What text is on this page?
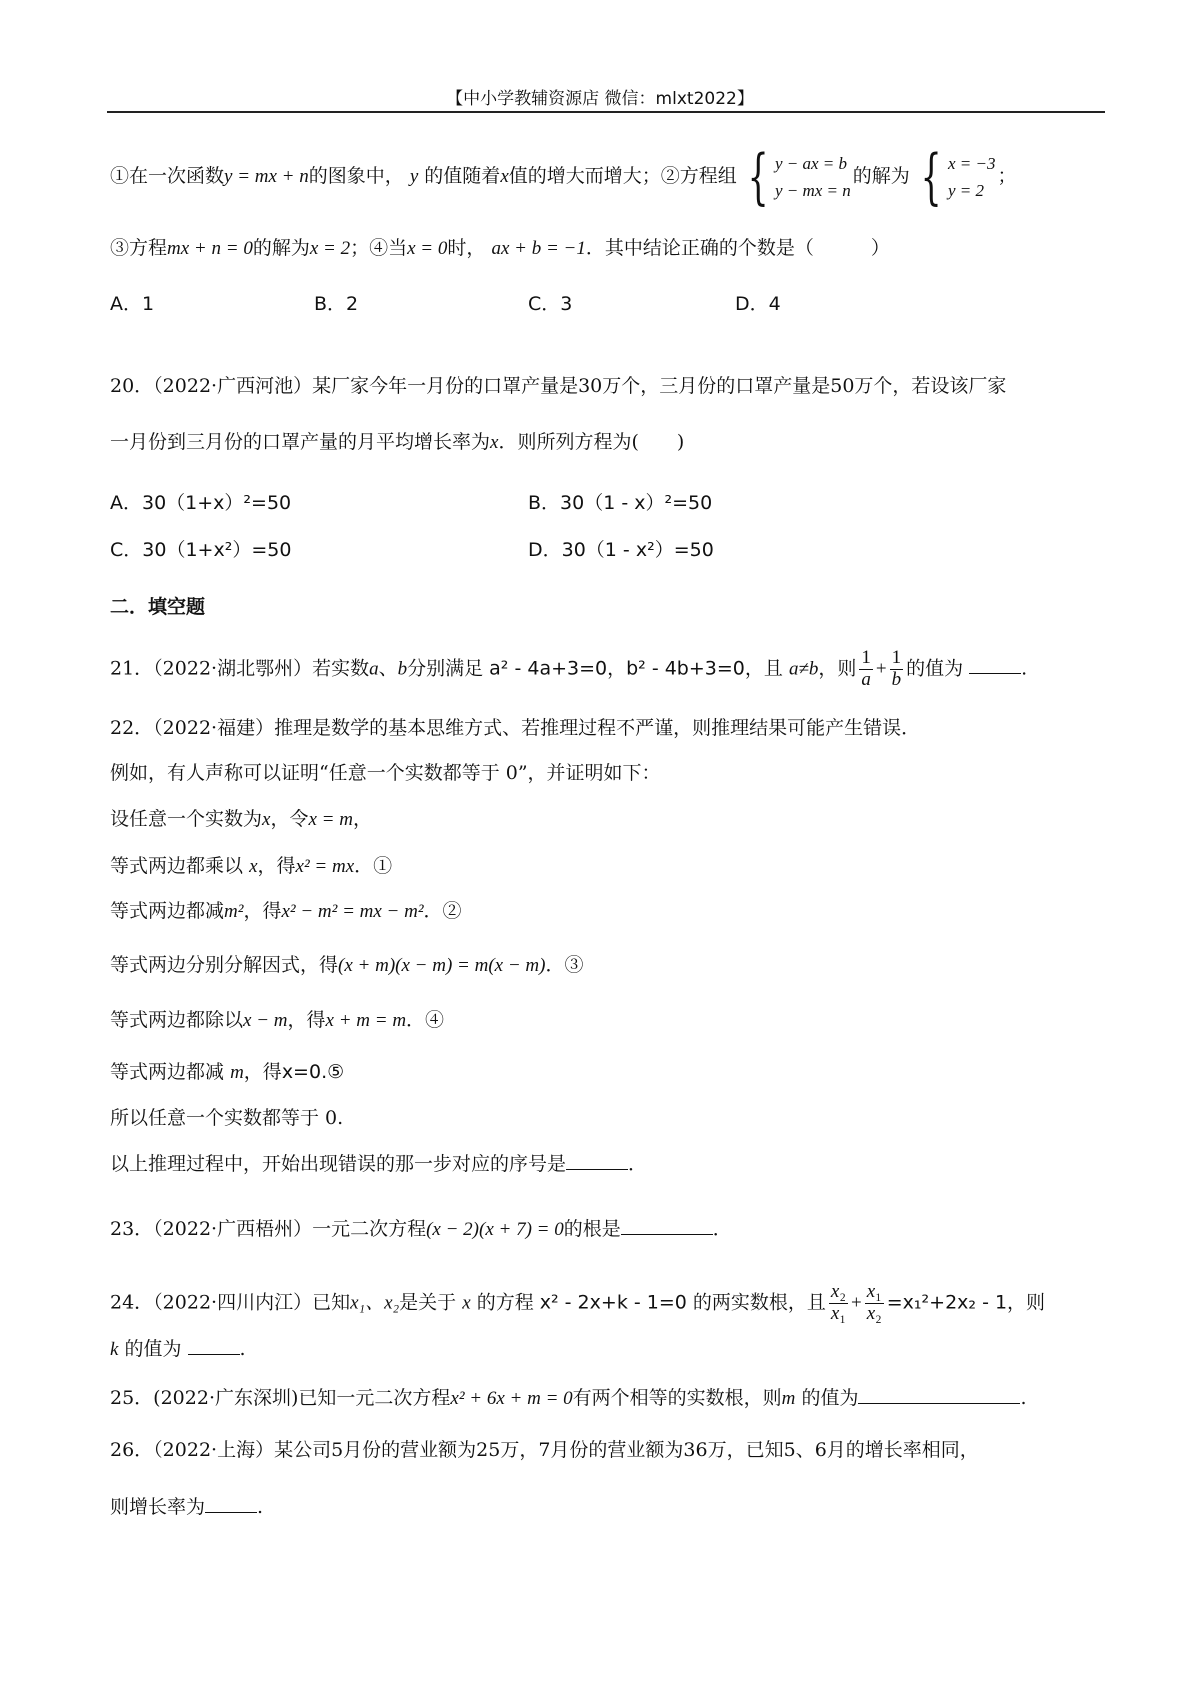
【中小学教辅资源店 微信：mlxt2022】
①在一次函数y = mx + n的图象中， y 的值随着x值的增大而增大；②方程组 { y − ax = b
y − mx = n
的解为 { x = −3
y = 2
；
③方程mx + n = 0的解为x = 2；④当x = 0时， ax + b = −1．其中结论正确的个数是（　　　）
A．1	B．2	C．3	D．4
20．（2022·广西河池）某厂家今年一月份的口罩产量是30万个，三月份的口罩产量是50万个，若设该厂家
一月份到三月份的口罩产量的月平均增长率为x．则所列方程为(　　)
A．30（1+x）²=50	B．30（1 - x）²=50
C．30（1+x²）=50	D．30（1 - x²）=50
二．填空题
21．（2022·湖北鄂州）若实数a、b分别满足 a² - 4a+3=0，b² - 4b+3=0，且 a≠b，则 $\frac{1}{a} + \frac{1}{b}$ 的值为	.
22．（2022·福建）推理是数学的基本思维方式、若推理过程不严谨，则推理结果可能产生错误．
例如，有人声称可以证明“任意一个实数都等于 0”，并证明如下：
设任意一个实数为x，令x = m，
等式两边都乘以 x，得x² = mx．①
等式两边都减m²，得x² − m² = mx − m²．②
等式两边分别分解因式，得(x + m)(x − m) = m(x − m)．③
等式两边都除以x − m，得x + m = m．④
等式两边都减 m，得x=0.⑤
所以任意一个实数都等于 0.
以上推理过程中，开始出现错误的那一步对应的序号是	．
23．（2022·广西梧州）一元二次方程(x − 2)(x + 7) = 0的根是	．
24．（2022·四川内江）已知x₁、x₂是关于 x 的方程 x² - 2x+k - 1=0 的两实数根，且 $\frac{\text{x₂}}{\text{x₁}} + \frac{\text{x₁}}{\text{x₂}} =x_1^2+2x_2 - 1$，则
k 的值为	.
25．(2022·广东深圳)已知一元二次方程x² + 6x + m = 0有两个相等的实数根，则m 的值为	.
26．（2022·上海）某公司5月份的营业额为25万，7月份的营业额为36万，已知5、6月的增长率相同，
则增长率为	.
